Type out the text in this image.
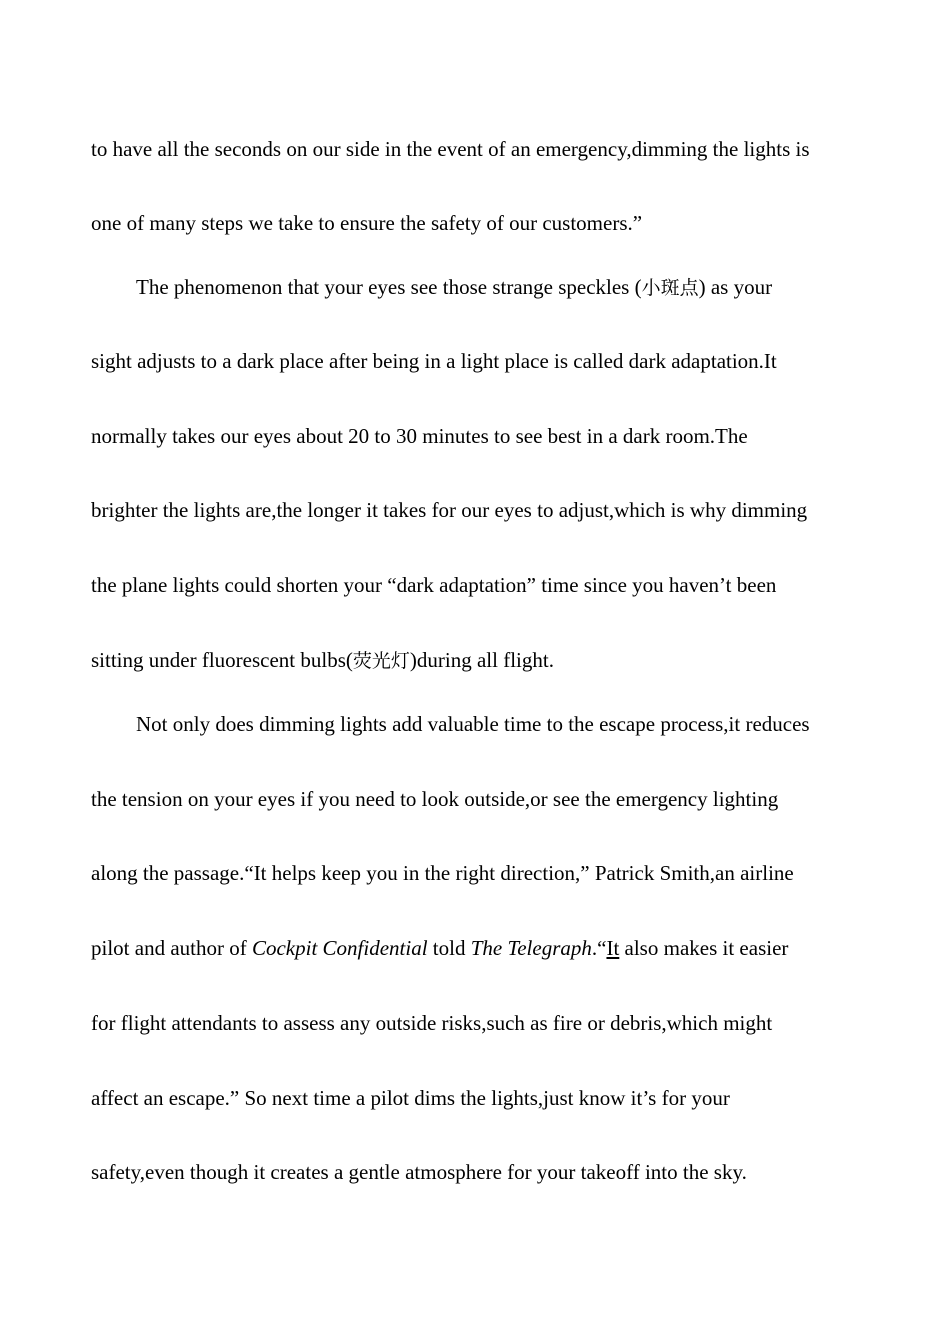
to have all the seconds on our side in the event of an emergency,dimming the lights is
one of many steps we take to ensure the safety of our customers.”
The phenomenon that your eyes see those strange speckles (小斑点) as your
sight adjusts to a dark place after being in a light place is called dark adaptation.It
normally takes our eyes about 20 to 30 minutes to see best in a dark room.The
brighter the lights are,the longer it takes for our eyes to adjust,which is why dimming
the plane lights could shorten your “dark adaptation” time since you haven’t been
sitting under fluorescent bulbs(荧光灯)during all flight.
Not only does dimming lights add valuable time to the escape process,it reduces
the tension on your eyes if you need to look outside,or see the emergency lighting
along the passage.“It helps keep you in the right direction,” Patrick Smith,an airline
pilot and author of Cockpit Confidential told The Telegraph.“It also makes it easier
for flight attendants to assess any outside risks,such as fire or debris,which might
affect an escape.” So next time a pilot dims the lights,just know it’s for your
safety,even though it creates a gentle atmosphere for your takeoff into the sky.
